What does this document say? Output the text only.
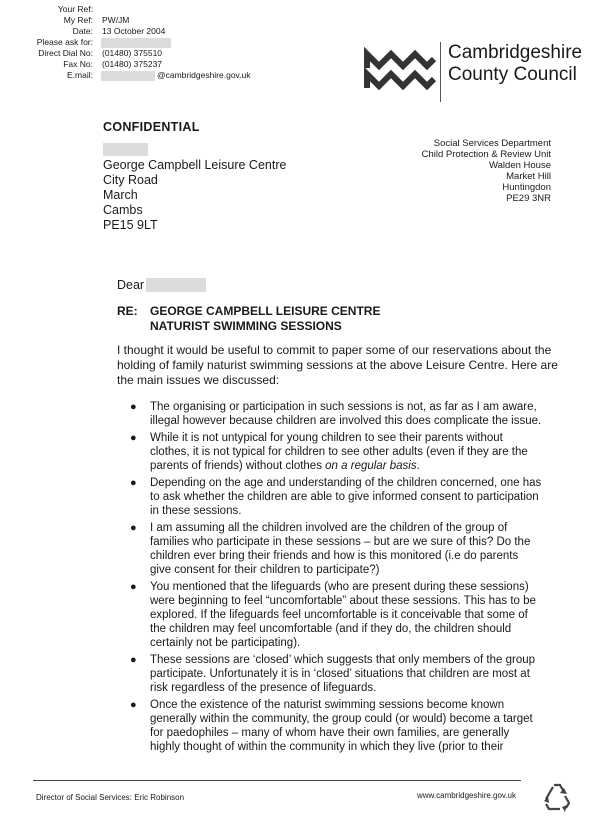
Your Ref:
My Ref: PW/JM
Date: 13 October 2004
Please ask for:
Direct Dial No: (01480) 375510
Fax No: (01480) 375237
E.mail:	@cambridgeshire.gov.uk
Cambridgeshire
County Council
CONFIDENTIAL
George Campbell Leisure Centre
City Road
March
Cambs
PE15 9LT
Social Services Department
Child Protection & Review Unit
Walden House
Market Hill
Huntingdon
PE29 3NR
Dear
RE: GEORGE CAMPBELL LEISURE CENTRE
NATURIST SWIMMING SESSIONS
I thought it would be useful to commit to paper some of our reservations about the
holding of family naturist swimming sessions at the above Leisure Centre. Here are
the main issues we discussed:
● The organising or participation in such sessions is not, as far as I am aware,
illegal however because children are involved this does complicate the issue.
● While it is not untypical for young children to see their parents without
clothes, it is not typical for children to see other adults (even if they are the
parents of friends) without clothes on a regular basis.
● Depending on the age and understanding of the children concerned, one has
to ask whether the children are able to give informed consent to participation
in these sessions.
● I am assuming all the children involved are the children of the group of
families who participate in these sessions – but are we sure of this? Do the
children ever bring their friends and how is this monitored (i.e do parents
give consent for their children to participate?)
● You mentioned that the lifeguards (who are present during these sessions)
were beginning to feel “uncomfortable” about these sessions. This has to be
explored. If the lifeguards feel uncomfortable is it conceivable that some of
the children may feel uncomfortable (and if they do, the children should
certainly not be participating).
● These sessions are ‘closed’ which suggests that only members of the group
participate. Unfortunately it is in ‘closed’ situations that children are most at
risk regardless of the presence of lifeguards.
● Once the existence of the naturist swimming sessions become known
generally within the community, the group could (or would) become a target
for paedophiles – many of whom have their own families, are generally
highly thought of within the community in which they live (prior to their
Director of Social Services: Eric Robinson	www.cambridgeshire.gov.uk
